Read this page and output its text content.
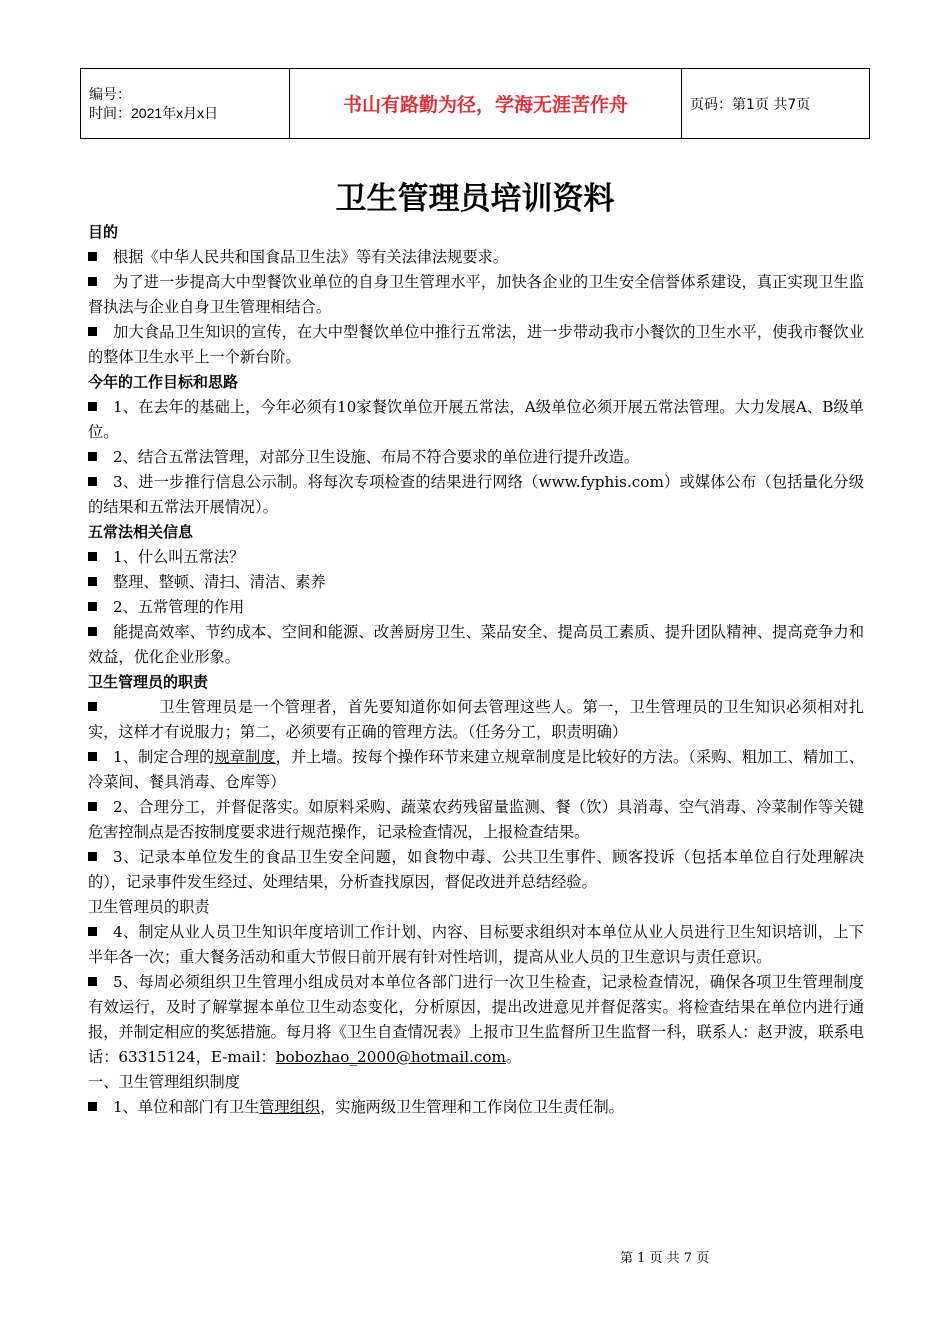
编号：
时间：2021年x月x日	书山有路勤为径，学海无涯苦作舟	页码：第1页 共7页
卫生管理员培训资料

目的

根据《中华人民共和国食品卫生法》等有关法律法规要求。

为了进一步提高大中型餐饮业单位的自身卫生管理水平，加快各企业的卫生安全信誉体系建设，真正实现卫生监督执法与企业自身卫生管理相结合。

加大食品卫生知识的宣传，在大中型餐饮单位中推行五常法，进一步带动我市小餐饮的卫生水平，使我市餐饮业的整体卫生水平上一个新台阶。

今年的工作目标和思路

1、在去年的基础上，今年必须有10家餐饮单位开展五常法，A级单位必须开展五常法管理。大力发展A、B级单位。

2、结合五常法管理，对部分卫生设施、布局不符合要求的单位进行提升改造。

3、进一步推行信息公示制。将每次专项检查的结果进行网络（www.fyphis.com）或媒体公布（包括量化分级的结果和五常法开展情况）。

五常法相关信息

1、什么叫五常法？

整理、整顿、清扫、清洁、素养

2、五常管理的作用

能提高效率、节约成本、空间和能源、改善厨房卫生、菜品安全、提高员工素质、提升团队精神、提高竞争力和效益，优化企业形象。

卫生管理员的职责

卫生管理员是一个管理者，首先要知道你如何去管理这些人。第一，卫生管理员的卫生知识必须相对扎实，这样才有说服力；第二，必须要有正确的管理方法。（任务分工，职责明确）

1、制定合理的规章制度，并上墙。按每个操作环节来建立规章制度是比较好的方法。（采购、粗加工、精加工、冷菜间、餐具消毒、仓库等）

2、合理分工，并督促落实。如原料采购、蔬菜农药残留量监测、餐（饮）具消毒、空气消毒、冷菜制作等关键危害控制点是否按制度要求进行规范操作，记录检查情况，上报检查结果。

3、记录本单位发生的食品卫生安全问题，如食物中毒、公共卫生事件、顾客投诉（包括本单位自行处理解决的），记录事件发生经过、处理结果，分析查找原因，督促改进并总结经验。

卫生管理员的职责

4、制定从业人员卫生知识年度培训工作计划、内容、目标要求组织对本单位从业人员进行卫生知识培训，上下半年各一次；重大餐务活动和重大节假日前开展有针对性培训，提高从业人员的卫生意识与责任意识。

5、每周必须组织卫生管理小组成员对本单位各部门进行一次卫生检查，记录检查情况，确保各项卫生管理制度有效运行，及时了解掌握本单位卫生动态变化，分析原因，提出改进意见并督促落实。将检查结果在单位内进行通报，并制定相应的奖惩措施。每月将《卫生自查情况表》上报市卫生监督所卫生监督一科，联系人：赵尹波，联系电话：63315124，E-mail：bobozhao_2000@hotmail.com。

一、卫生管理组织制度

1、单位和部门有卫生管理组织，实施两级卫生管理和工作岗位卫生责任制。

第 1 页 共 7 页
